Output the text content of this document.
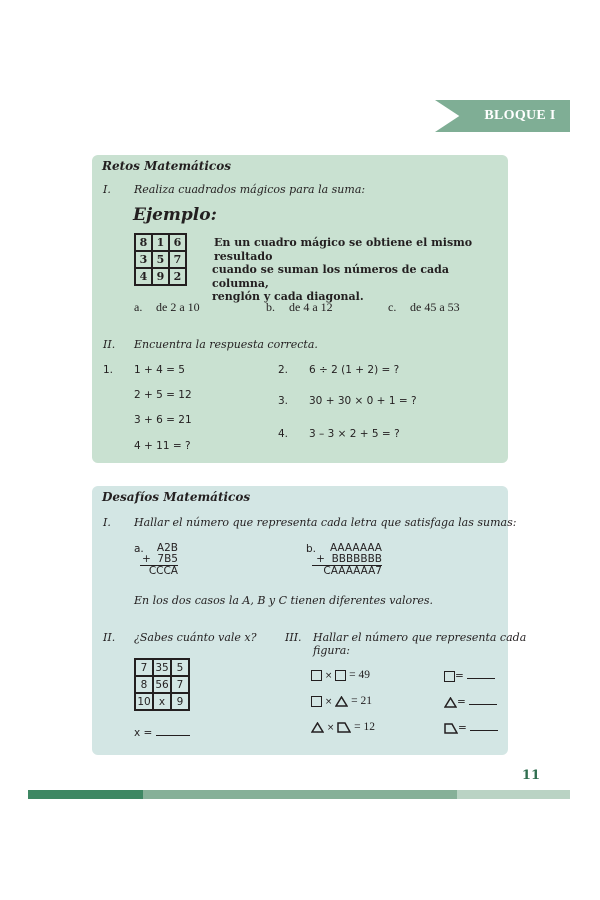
BLOQUE I
Retos Matemáticos
I. Realiza cuadrados mágicos para la suma:
Ejemplo:
8	1	6
3	5	7
4	9	2
En un cuadro mágico se obtiene el mismo resultado
cuando se suman los números de cada columna,
renglón y cada diagonal.
a. de 2 a 10	b. de 4 a 12	c. de 45 a 53
II. Encuentra la respuesta correcta.
1. 1 + 4 = 5
2 + 5 = 12
3 + 6 = 21
4 + 11 = ?
2. 6 ÷ 2 (1 + 2) = ?
3. 30 + 30 × 0 + 1 = ?
4. 3 – 3 × 2 + 5 = ?
Desafíos Matemáticos
I. Hallar el número que representa cada letra que satisfaga las sumas:
a.	A2B
+  7B5
CCCA
b.	AAAAAAA
+  BBBBBBB
CAAAAAA7
En los dos casos la A, B y C tienen diferentes valores.
II. ¿Sabes cuánto vale x?
7	35	5
8	56	7
10	x	9
x =
III. Hallar el número que representa cada
figura:
× = 49
× = 21
× = 12
=
=
=
11
